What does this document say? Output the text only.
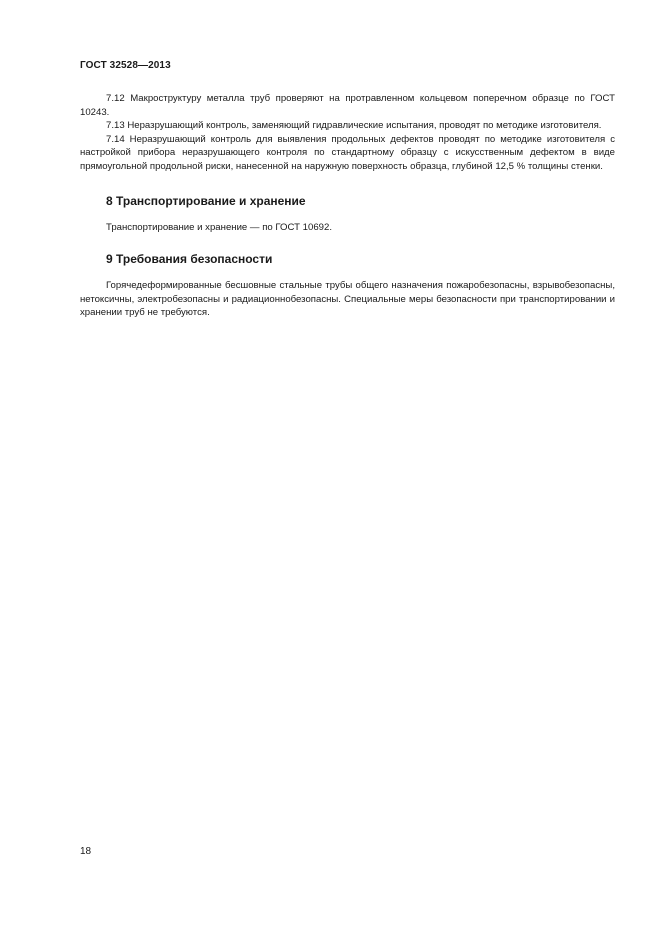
ГОСТ 32528—2013

7.12 Макроструктуру металла труб проверяют на протравленном кольцевом поперечном образце по ГОСТ 10243.

7.13 Неразрушающий контроль, заменяющий гидравлические испытания, проводят по методике изготовителя.

7.14 Неразрушающий контроль для выявления продольных дефектов проводят по методике изготовителя с настройкой прибора неразрушающего контроля по стандартному образцу с искусственным дефектом в виде прямоугольной продольной риски, нанесенной на наружную поверхность образца, глубиной 12,5 % толщины стенки.

8 Транспортирование и хранение

Транспортирование и хранение — по ГОСТ 10692.

9 Требования безопасности

Горячедеформированные бесшовные стальные трубы общего назначения пожаробезопасны, взрывобезопасны, нетоксичны, электробезопасны и радиационнобезопасны. Специальные меры безопасности при транспортировании и хранении труб не требуются.

18
